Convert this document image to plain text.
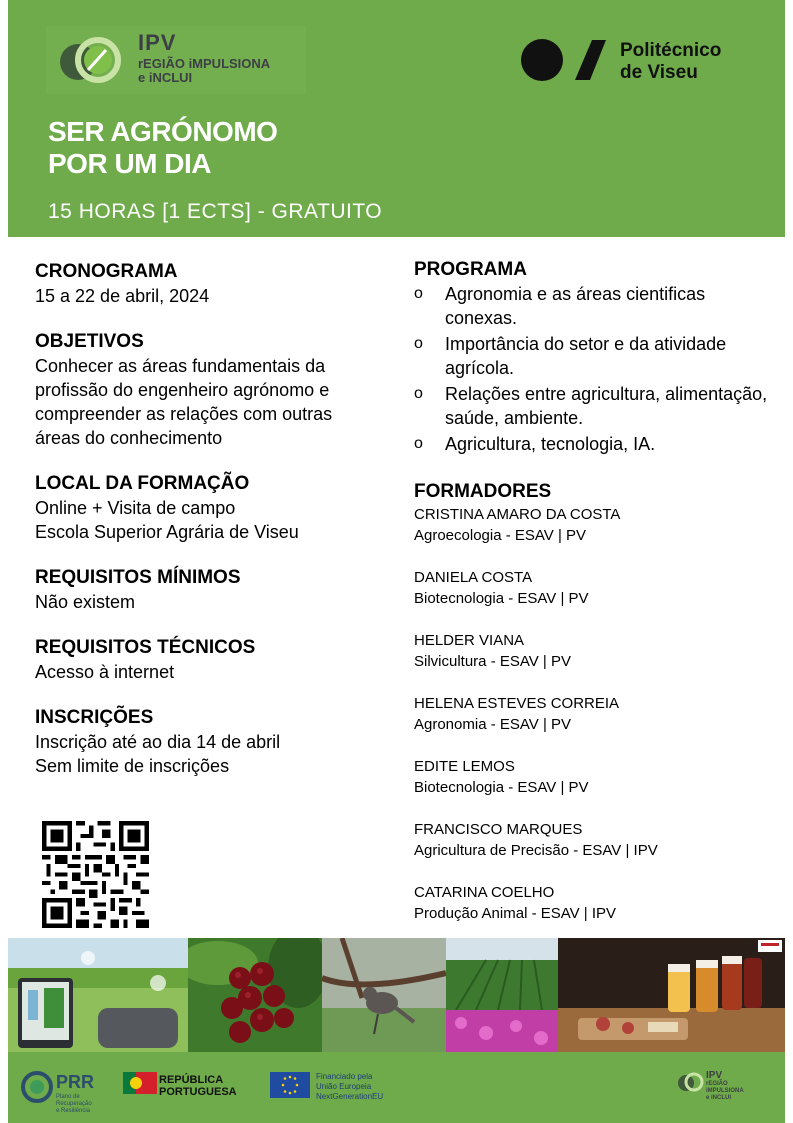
IPV
rEGIÃO iMPULSIONA
e iNCLUI
Politécnico
de Viseu
SER AGRÓNOMO
POR UM DIA
15 HORAS [1 ECTS] - GRATUITO
CRONOGRAMA
15 a 22 de abril, 2024
OBJETIVOS
Conhecer as áreas fundamentais da
profissão do engenheiro agrónomo e
compreender as relações com outras
áreas do conhecimento
LOCAL DA FORMAÇÃO
Online + Visita de campo
Escola Superior Agrária de Viseu
REQUISITOS MÍNIMOS
Não existem
REQUISITOS TÉCNICOS
Acesso à internet
INSCRIÇÕES
Inscrição até ao dia 14 de abril
Sem limite de inscrições
PROGRAMA
o Agronomia e as áreas cientificas conexas.
o Importância do setor e da atividade agrícola.
o Relações entre agricultura, alimentação, saúde, ambiente.
o Agricultura, tecnologia, IA.
FORMADORES
CRISTINA AMARO DA COSTA
Agroecologia - ESAV | PV
DANIELA COSTA
Biotecnologia - ESAV | PV
HELDER VIANA
Silvicultura - ESAV | PV
HELENA ESTEVES CORREIA
Agronomia - ESAV | PV
EDITE LEMOS
Biotecnologia - ESAV | PV
FRANCISCO MARQUES
Agricultura de Precisão - ESAV | IPV
CATARINA COELHO
Produção Animal - ESAV | IPV
PRR
Plano de Recuperação
e Resiliência
REPÚBLICA
PORTUGUESA
Financiado pela
União Europeia
NextGenerationEU
IPV
rEGIÃO iMPULSIONA
e iNCLUI
